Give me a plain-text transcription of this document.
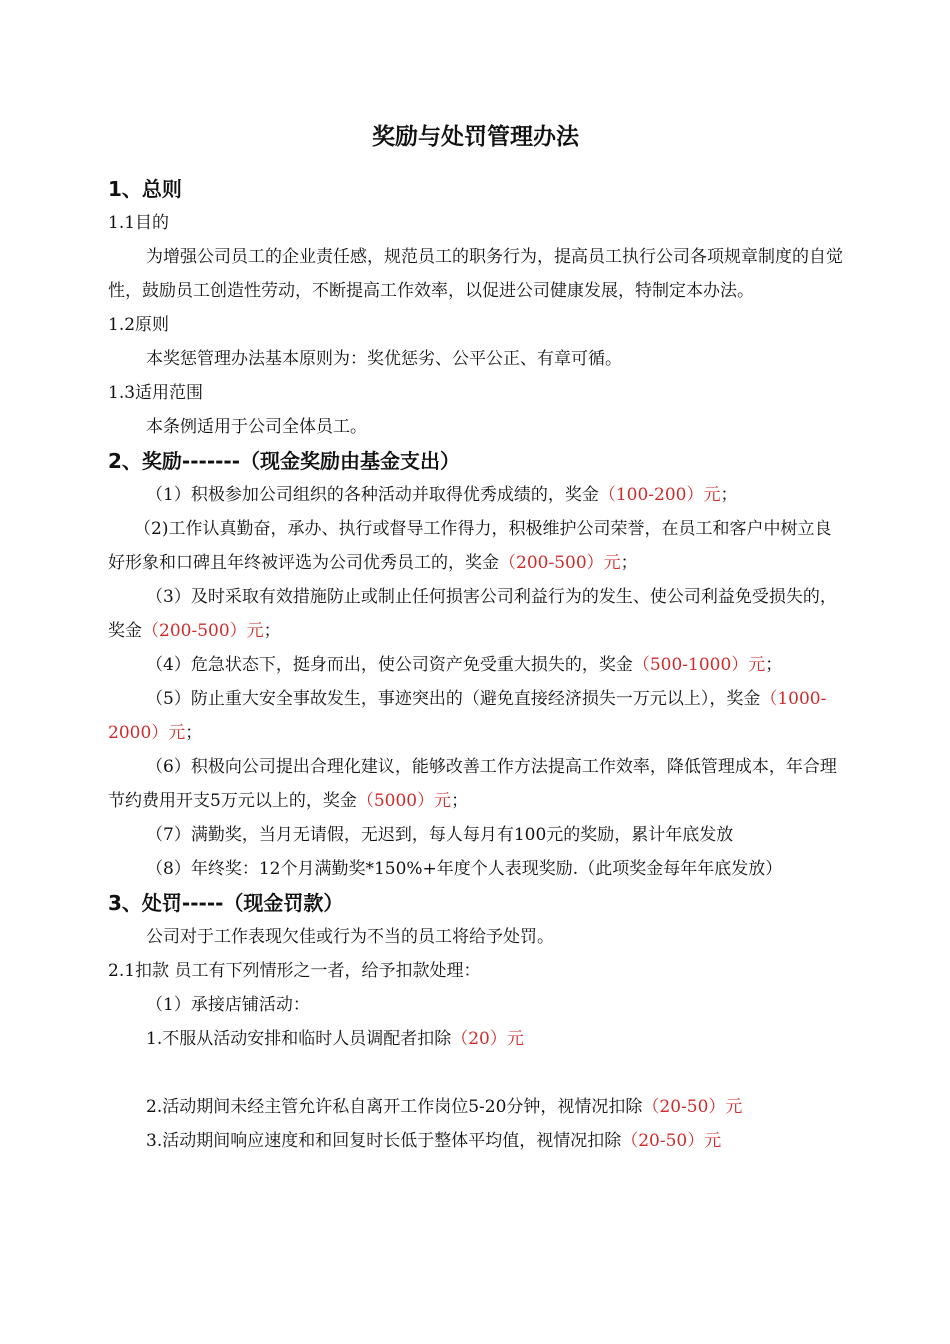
奖励与处罚管理办法
1、总则
1.1目的
为增强公司员工的企业责任感，规范员工的职务行为，提高员工执行公司各项规章制度的自觉性，鼓励员工创造性劳动，不断提高工作效率，以促进公司健康发展，特制定本办法。
1.2原则
本奖惩管理办法基本原则为：奖优惩劣、公平公正、有章可循。
1.3适用范围
本条例适用于公司全体员工。
2、奖励-------（现金奖励由基金支出）
（1）积极参加公司组织的各种活动并取得优秀成绩的，奖金（100-200）元；
（2)工作认真勤奋，承办、执行或督导工作得力，积极维护公司荣誉，在员工和客户中树立良好形象和口碑且年终被评选为公司优秀员工的，奖金（200-500）元；
（3）及时采取有效措施防止或制止任何损害公司利益行为的发生、使公司利益免受损失的，奖金（200-500）元；
（4）危急状态下，挺身而出，使公司资产免受重大损失的，奖金（500-1000）元；
（5）防止重大安全事故发生，事迹突出的（避免直接经济损失一万元以上），奖金（1000-2000）元；
（6）积极向公司提出合理化建议，能够改善工作方法提高工作效率，降低管理成本，年合理节约费用开支5万元以上的，奖金（5000）元；
（7）满勤奖，当月无请假，无迟到，每人每月有100元的奖励，累计年底发放
（8）年终奖：12个月满勤奖*150%+年度个人表现奖励.（此项奖金每年年底发放）
3、处罚-----（现金罚款）
公司对于工作表现欠佳或行为不当的员工将给予处罚。
2.1扣款 员工有下列情形之一者，给予扣款处理：
（1）承接店铺活动：
1.不服从活动安排和临时人员调配者扣除（20）元
2.活动期间未经主管允许私自离开工作岗位5-20分钟，视情况扣除（20-50）元
3.活动期间响应速度和和回复时长低于整体平均值，视情况扣除（20-50）元
